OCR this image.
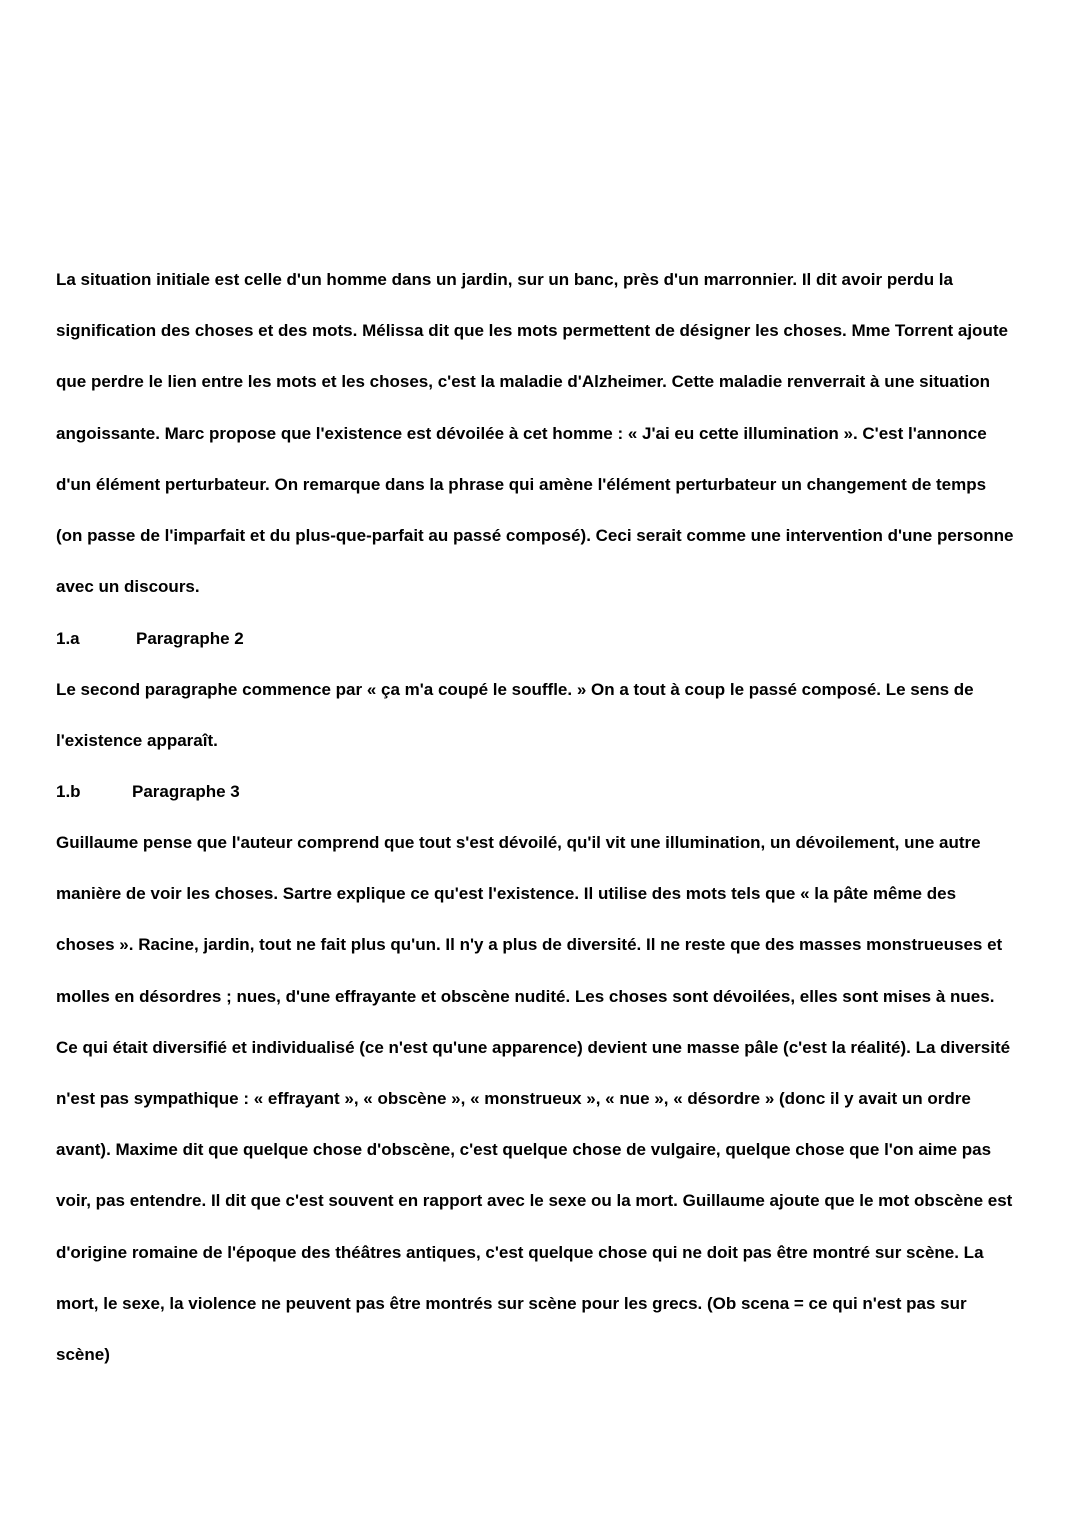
La situation initiale est celle d'un homme dans un jardin, sur un banc, près d'un marronnier. Il dit avoir perdu la signification des choses et des mots. Mélissa dit que les mots permettent de désigner les choses. Mme Torrent ajoute que perdre le lien entre les mots et les choses, c'est la maladie d'Alzheimer. Cette maladie renverrait à une situation angoissante. Marc propose que l'existence est dévoilée à cet homme : « J'ai eu cette illumination ». C'est l'annonce d'un élément perturbateur. On remarque dans la phrase qui amène l'élément perturbateur un changement de temps (on passe de l'imparfait et du plus-que-parfait au passé composé). Ceci serait comme une intervention d'une personne avec un discours.

1.a	Paragraphe 2

Le second paragraphe commence par « ça m'a coupé le souffle. » On a tout à coup le passé composé. Le sens de l'existence apparaît.

1.b	Paragraphe 3

Guillaume pense que l'auteur comprend que tout s'est dévoilé, qu'il vit une illumination, un dévoilement, une autre manière de voir les choses. Sartre explique ce qu'est l'existence. Il utilise des mots tels que « la pâte même des choses ». Racine, jardin, tout ne fait plus qu'un. Il n'y a plus de diversité. Il ne reste que des masses monstrueuses et molles en désordres ; nues, d'une effrayante et obscène nudité. Les choses sont dévoilées, elles sont mises à nues. Ce qui était diversifié et individualisé (ce n'est qu'une apparence) devient une masse pâle (c'est la réalité). La diversité n'est pas sympathique : « effrayant », « obscène », « monstrueux », « nue », « désordre » (donc il y avait un ordre avant). Maxime dit que quelque chose d'obscène, c'est quelque chose de vulgaire, quelque chose que l'on aime pas voir, pas entendre. Il dit que c'est souvent en rapport avec le sexe ou la mort. Guillaume ajoute que le mot obscène est d'origine romaine de l'époque des théâtres antiques, c'est quelque chose qui ne doit pas être montré sur scène. La mort, le sexe, la violence ne peuvent pas être montrés sur scène pour les grecs. (Ob scena = ce qui n'est pas sur scène)
